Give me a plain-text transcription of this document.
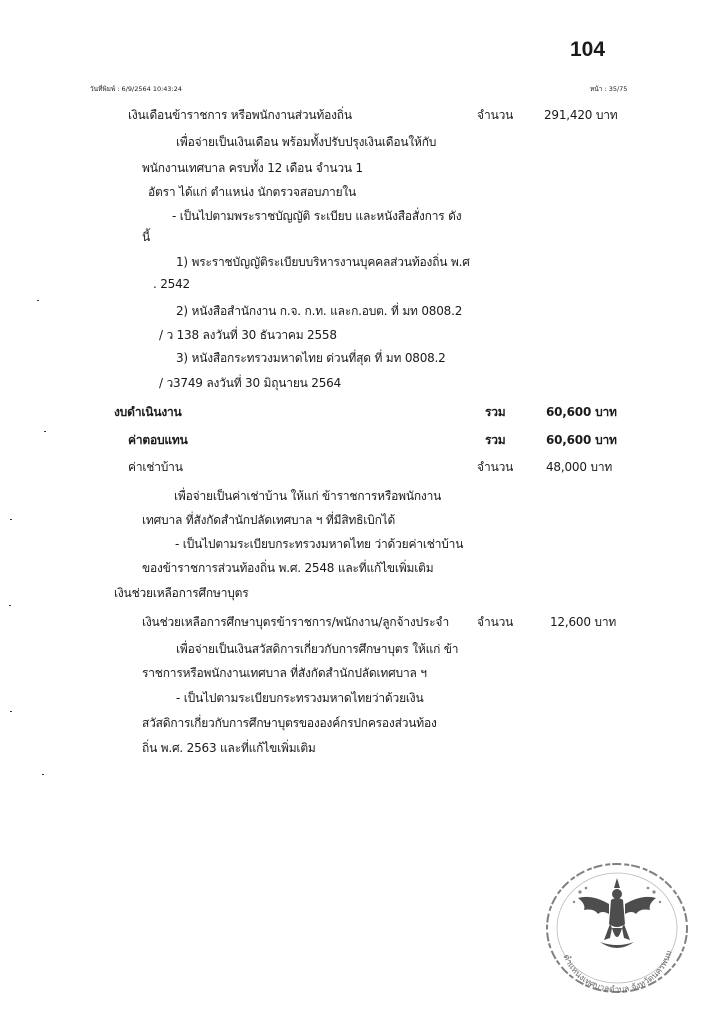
104
วันที่พิมพ์ : 6/9/2564 10:43:24	หน้า : 35/75
เงินเดือนข้าราชการ หรือพนักงานส่วนท้องถิ่น	จำนวน	291,420 บาท
เพื่อจ่ายเป็นเงินเดือน พร้อมทั้งปรับปรุงเงินเดือนให้กับ
พนักงานเทศบาล ครบทั้ง 12 เดือน จำนวน 1
อัตรา ได้แก่ ตำแหน่ง นักตรวจสอบภายใน
- เป็นไปตามพระราชบัญญัติ ระเบียบ และหนังสือสั่งการ ดัง
นี้
1) พระราชบัญญัติระเบียบบริหารงานบุคคลส่วนท้องถิ่น พ.ศ
. 2542
2) หนังสือสำนักงาน ก.จ. ก.ท. และก.อบต. ที่ มท 0808.2
/ ว 138 ลงวันที่ 30 ธันวาคม 2558
3) หนังสือกระทรวงมหาดไทย ด่วนที่สุด ที่ มท 0808.2
/ ว3749 ลงวันที่ 30 มิถุนายน 2564
งบดำเนินงาน	รวม	60,600 บาท
ค่าตอบแทน	รวม	60,600 บาท
ค่าเช่าบ้าน	จำนวน	48,000 บาท
เพื่อจ่ายเป็นค่าเช่าบ้าน ให้แก่ ข้าราชการหรือพนักงาน
เทศบาล ที่สังกัดสำนักปลัดเทศบาล ฯ ที่มีสิทธิเบิกได้
- เป็นไปตามระเบียบกระทรวงมหาดไทย ว่าด้วยค่าเช่าบ้าน
ของข้าราชการส่วนท้องถิ่น พ.ศ. 2548 และที่แก้ไขเพิ่มเติม
เงินช่วยเหลือการศึกษาบุตร
เงินช่วยเหลือการศึกษาบุตรข้าราชการ/พนักงาน/ลูกจ้างประจำ จำนวน	12,600 บาท
เพื่อจ่ายเป็นเงินสวัสดิการเกี่ยวกับการศึกษาบุตร ให้แก่ ข้า
ราชการหรือพนักงานเทศบาล ที่สังกัดสำนักปลัดเทศบาล ฯ
- เป็นไปตามระเบียบกระทรวงมหาดไทยว่าด้วยเงิน
สวัสดิการเกี่ยวกับการศึกษาบุตรขององค์กรปกครองส่วนท้อง
ถิ่น พ.ศ. 2563 และที่แก้ไขเพิ่มเติม
ตำแหน่งเทศบาลตำบล จังหวัดนครพนม
